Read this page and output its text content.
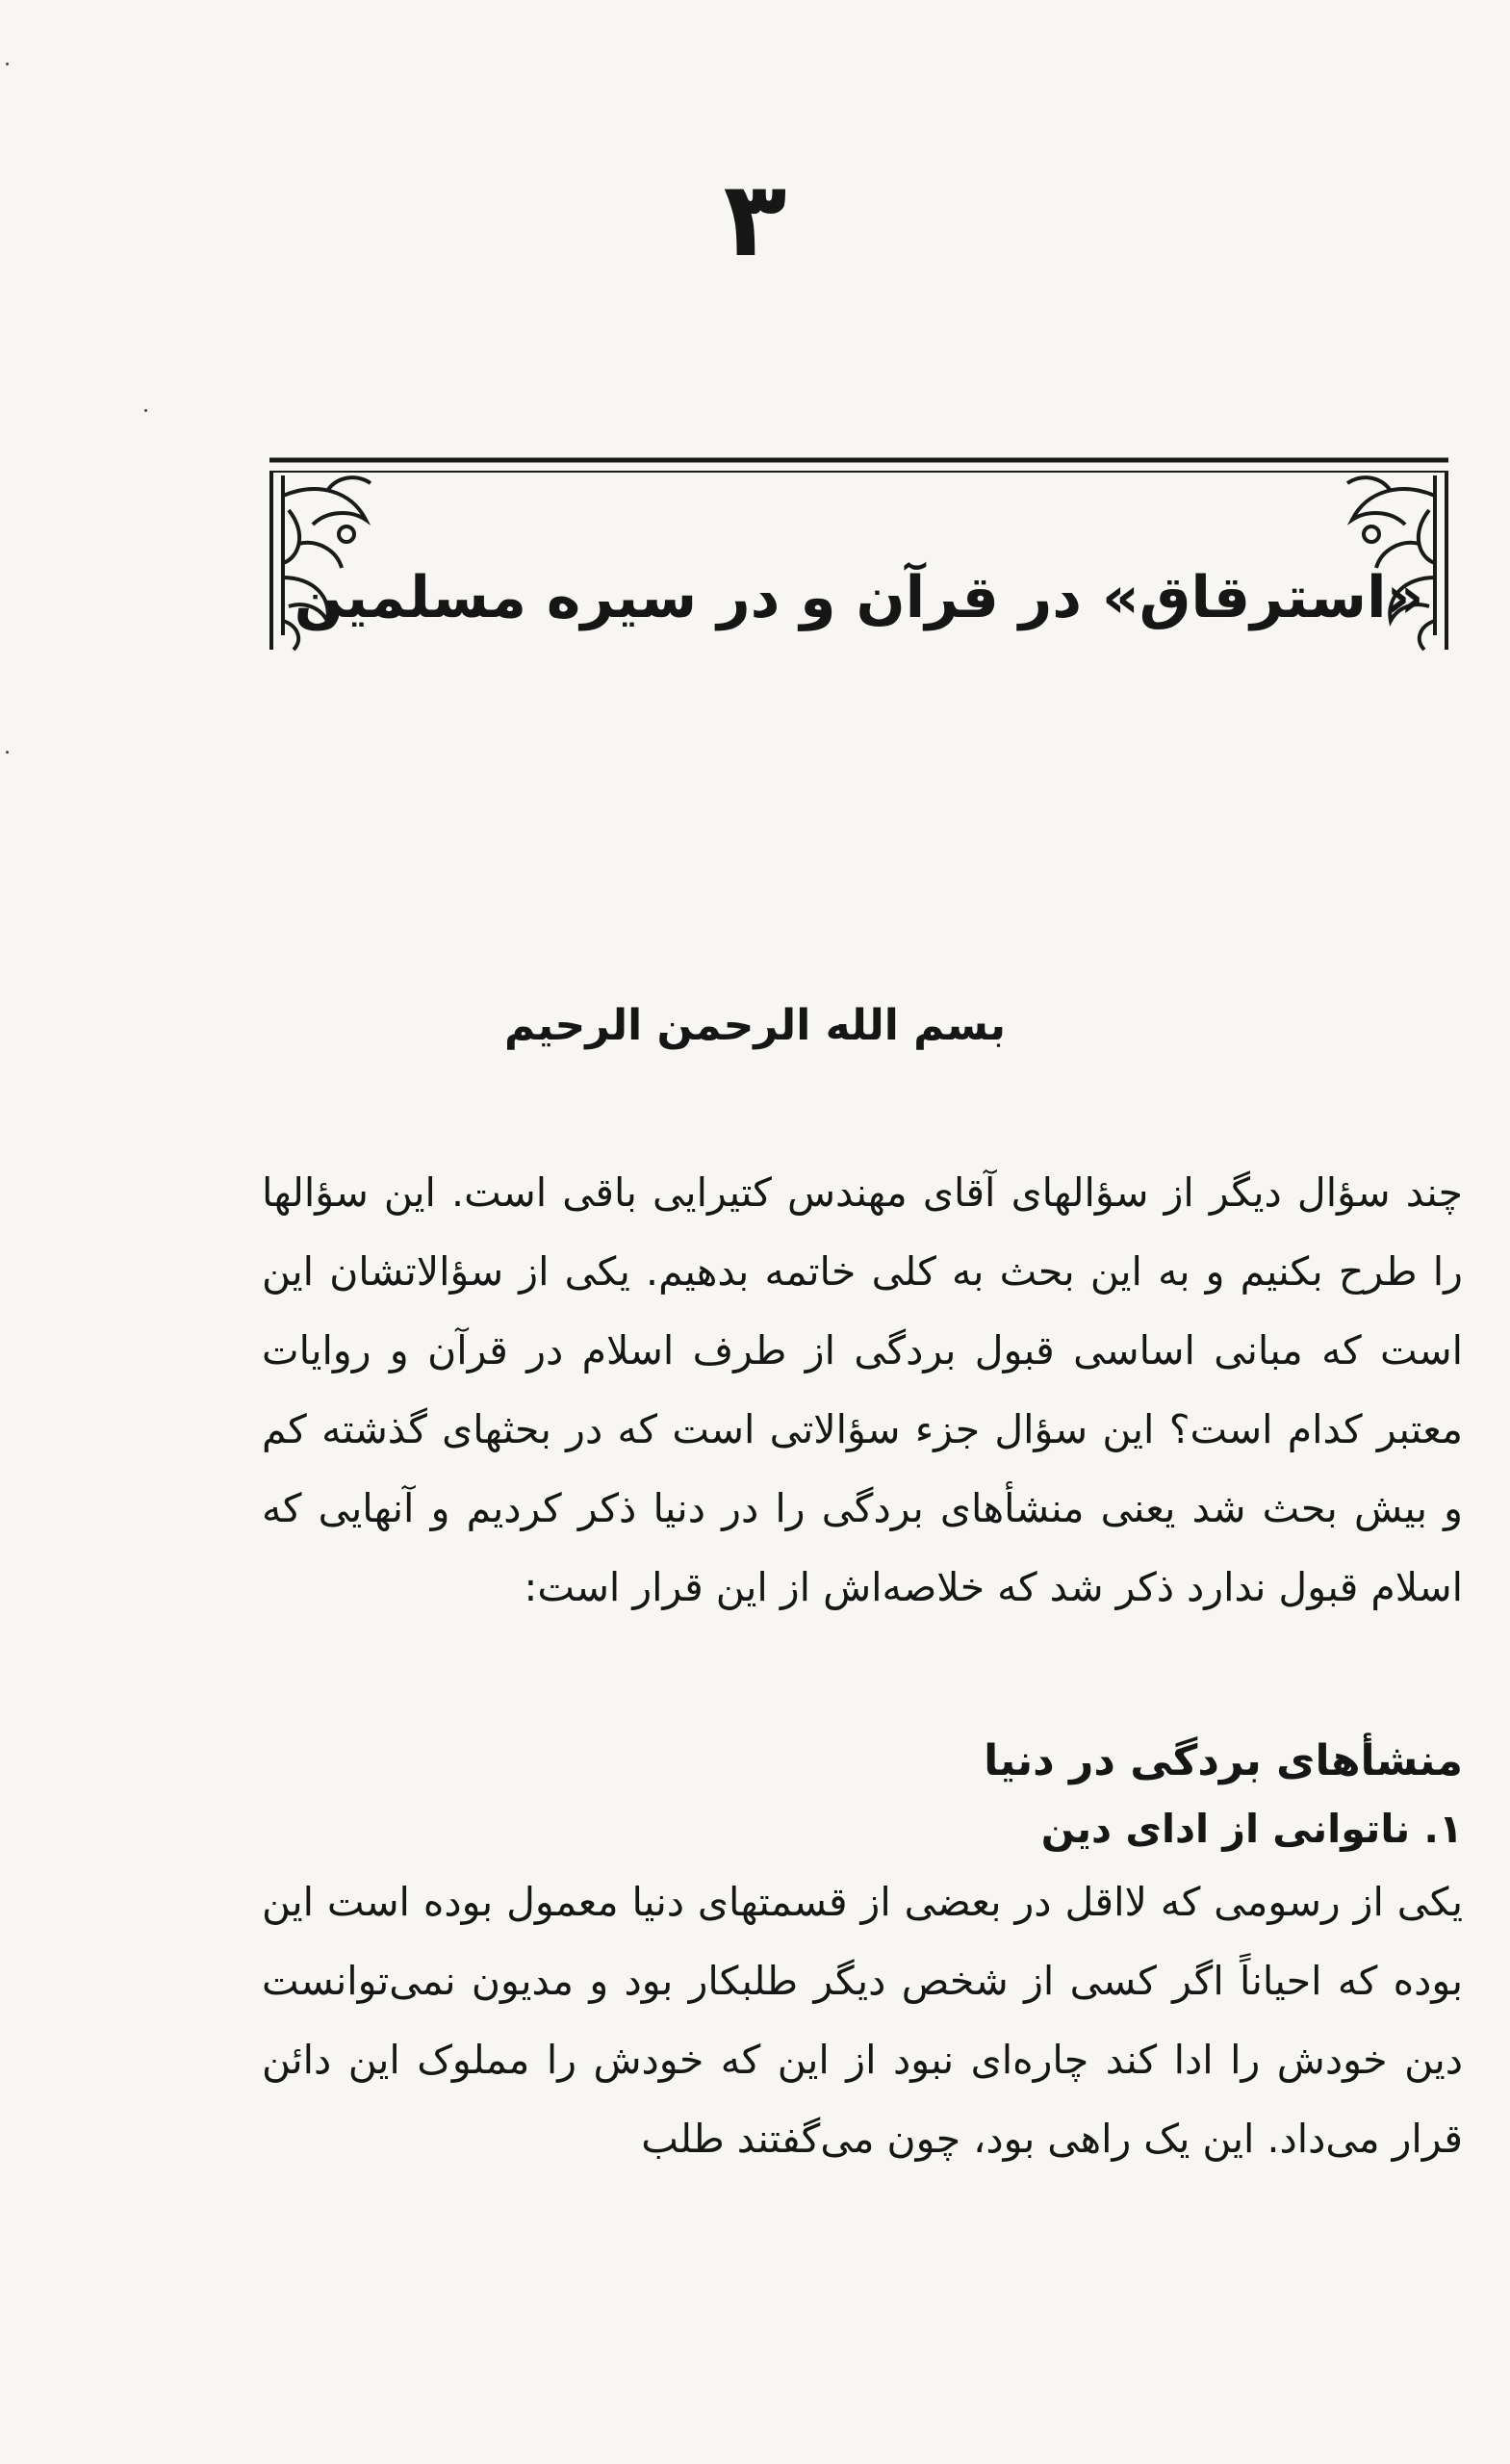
۳
«استرقاق» در قرآن و در سیره مسلمین
بسم الله الرحمن الرحیم

چند سؤال دیگر از سؤالهای آقای مهندس کتیرایی باقی است. این سؤالها را طرح بکنیم و به این بحث به کلی خاتمه بدهیم. یکی از سؤالاتشان این است که مبانی اساسی قبول بردگی از طرف اسلام در قرآن و روایات معتبر کدام است؟ این سؤال جزء سؤالاتی است که در بحثهای گذشته کم و بیش بحث شد یعنی منشأهای بردگی را در دنیا ذکر کردیم و آنهایی که اسلام قبول ندارد ذکر شد که خلاصه‌اش از این قرار است:

منشأهای بردگی در دنیا

۱. ناتوانی از ادای دین

یکی از رسومی که لااقل در بعضی از قسمتهای دنیا معمول بوده است این بوده که احیاناً اگر کسی از شخص دیگر طلبکار بود و مدیون نمی‌توانست دین خودش را ادا کند چاره‌ای نبود از این که خودش را مملوک این دائن قرار می‌داد. این یک راهی بود، چون می‌گفتند طلب
